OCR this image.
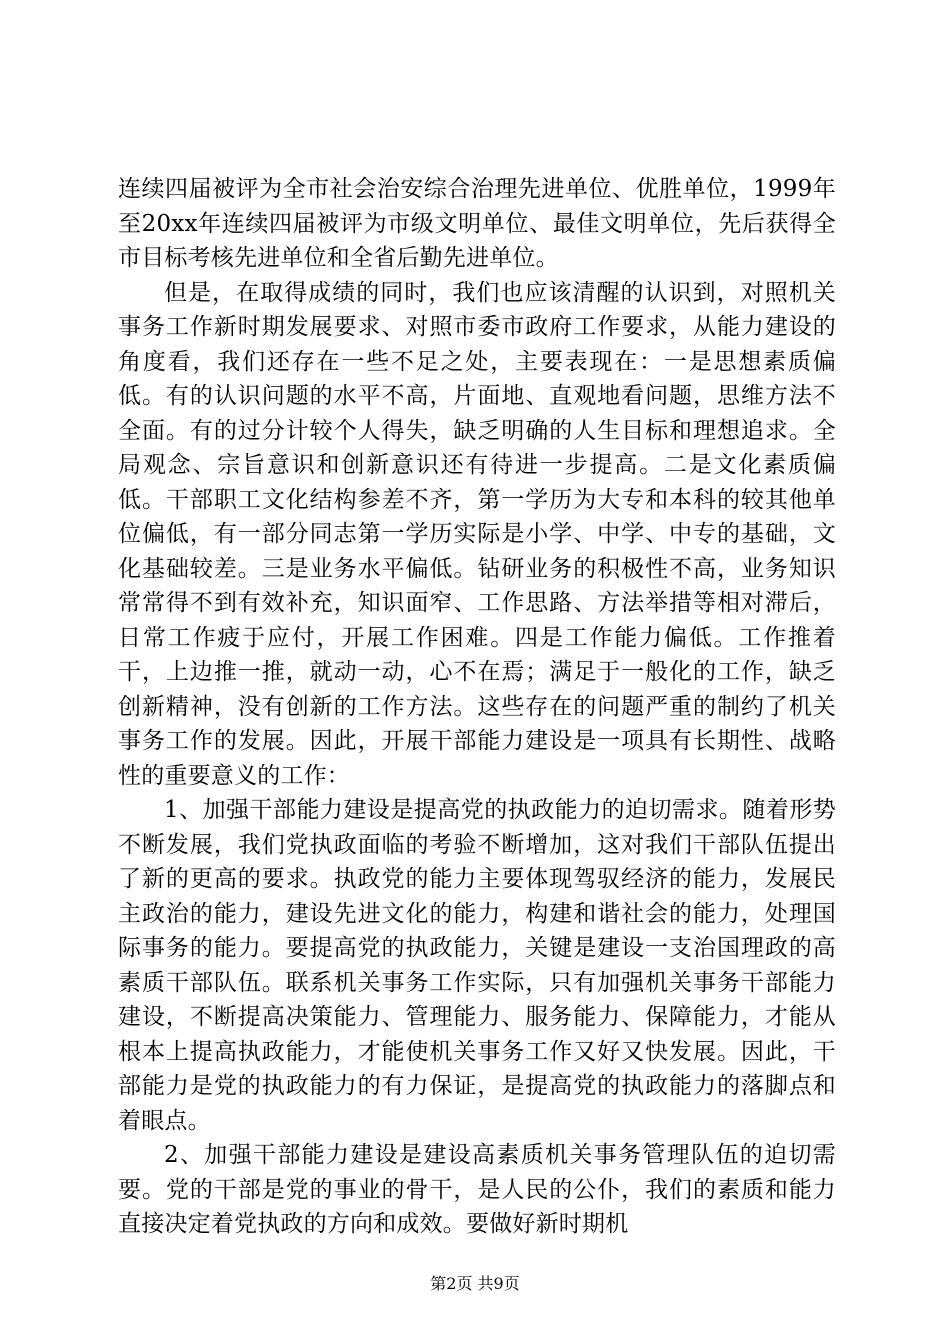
连续四届被评为全市社会治安综合治理先进单位、优胜单位，1999年至20xx年连续四届被评为市级文明单位、最佳文明单位，先后获得全市目标考核先进单位和全省后勤先进单位。

但是，在取得成绩的同时，我们也应该清醒的认识到，对照机关事务工作新时期发展要求、对照市委市政府工作要求，从能力建设的角度看，我们还存在一些不足之处，主要表现在：一是思想素质偏低。有的认识问题的水平不高，片面地、直观地看问题，思维方法不全面。有的过分计较个人得失，缺乏明确的人生目标和理想追求。全局观念、宗旨意识和创新意识还有待进一步提高。二是文化素质偏低。干部职工文化结构参差不齐，第一学历为大专和本科的较其他单位偏低，有一部分同志第一学历实际是小学、中学、中专的基础，文化基础较差。三是业务水平偏低。钻研业务的积极性不高，业务知识常常得不到有效补充，知识面窄、工作思路、方法举措等相对滞后，日常工作疲于应付，开展工作困难。四是工作能力偏低。工作推着干，上边推一推，就动一动，心不在焉；满足于一般化的工作，缺乏创新精神，没有创新的工作方法。这些存在的问题严重的制约了机关事务工作的发展。因此，开展干部能力建设是一项具有长期性、战略性的重要意义的工作：

1、加强干部能力建设是提高党的执政能力的迫切需求。随着形势不断发展，我们党执政面临的考验不断增加，这对我们干部队伍提出了新的更高的要求。执政党的能力主要体现驾驭经济的能力，发展民主政治的能力，建设先进文化的能力，构建和谐社会的能力，处理国际事务的能力。要提高党的执政能力，关键是建设一支治国理政的高素质干部队伍。联系机关事务工作实际，只有加强机关事务干部能力建设，不断提高决策能力、管理能力、服务能力、保障能力，才能从根本上提高执政能力，才能使机关事务工作又好又快发展。因此，干部能力是党的执政能力的有力保证，是提高党的执政能力的落脚点和着眼点。

2、加强干部能力建设是建设高素质机关事务管理队伍的迫切需要。党的干部是党的事业的骨干，是人民的公仆，我们的素质和能力直接决定着党执政的方向和成效。要做好新时期机

第2页 共9页
